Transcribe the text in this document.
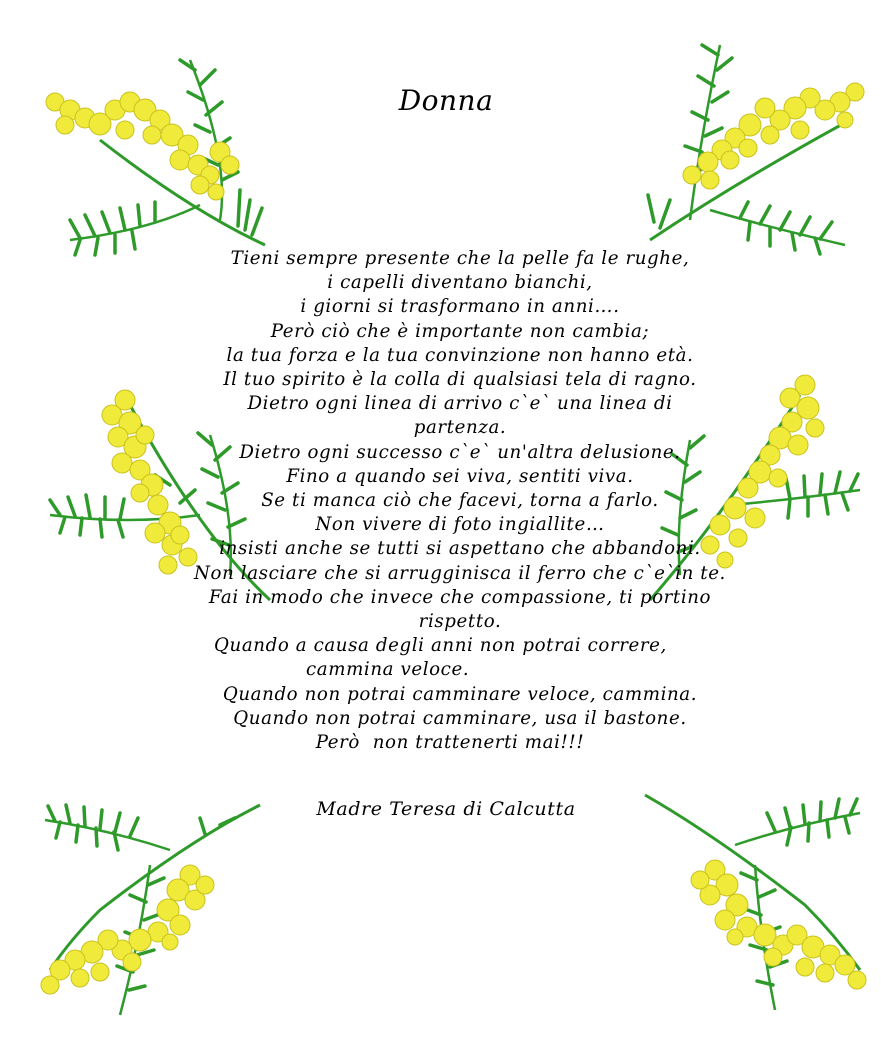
Donna
Tieni sempre presente che la pelle fa le rughe,
i capelli diventano bianchi,
i giorni si trasformano in anni….
Però ciò che è importante non cambia;
la tua forza e la tua convinzione non hanno età.
Il tuo spirito è la colla di qualsiasi tela di ragno.
Dietro ogni linea di arrivo c`e` una linea di
partenza.
Dietro ogni successo c`e` un'altra delusione.
Fino a quando sei viva, sentiti viva.
Se ti manca ciò che facevi, torna a farlo.
Non vivere di foto ingiallite…
insisti anche se tutti si aspettano che abbandoni.
Non lasciare che si arrugginisca il ferro che c`e`in te.
Fai in modo che invece che compassione, ti portino
rispetto.
Quando a causa degli anni non potrai correre,
cammina veloce.
Quando non potrai camminare veloce, cammina.
Quando non potrai camminare, usa il bastone.
Però  non trattenerti mai!!!
Madre Teresa di Calcutta
